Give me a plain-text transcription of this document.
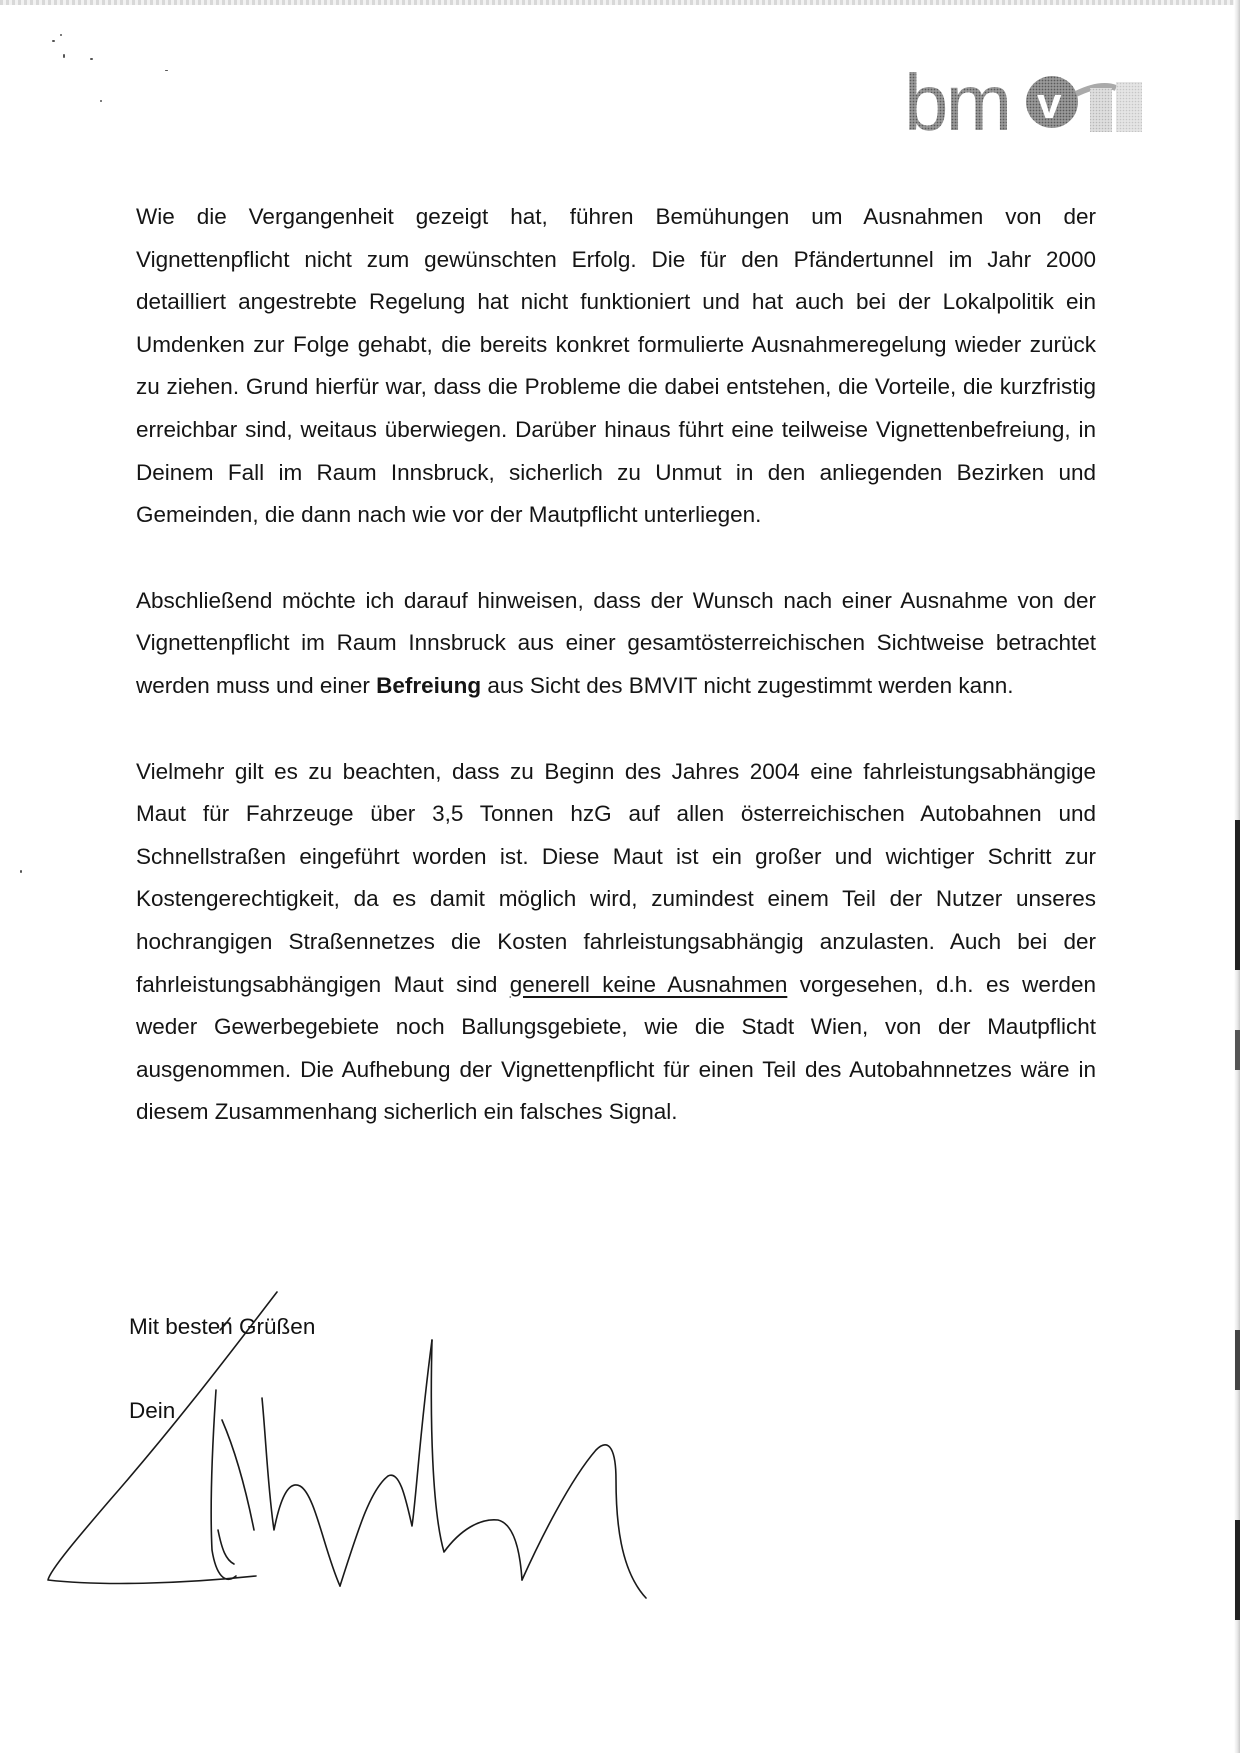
bm v

Wie die Vergangenheit gezeigt hat, führen Bemühungen um Ausnahmen von der Vignettenpflicht nicht zum gewünschten Erfolg. Die für den Pfändertunnel im Jahr 2000 detailliert angestrebte Regelung hat nicht funktioniert und hat auch bei der Lokalpolitik ein Umdenken zur Folge gehabt, die bereits konkret formulierte Ausnahmeregelung wieder zurück zu ziehen. Grund hierfür war, dass die Probleme die dabei entstehen, die Vorteile, die kurzfristig erreichbar sind, weitaus überwiegen. Darüber hinaus führt eine teilweise Vignettenbefreiung, in Deinem Fall im Raum Innsbruck, sicherlich zu Unmut in den anliegenden Bezirken und Gemeinden, die dann nach wie vor der Mautpflicht unterliegen.

Abschließend möchte ich darauf hinweisen, dass der Wunsch nach einer Ausnahme von der Vignettenpflicht im Raum Innsbruck aus einer gesamtösterreichischen Sichtweise betrachtet werden muss und einer Befreiung aus Sicht des BMVIT nicht zugestimmt werden kann.

Vielmehr gilt es zu beachten, dass zu Beginn des Jahres 2004 eine fahrleistungsabhängige Maut für Fahrzeuge über 3,5 Tonnen hzG auf allen österreichischen Autobahnen und Schnellstraßen eingeführt worden ist. Diese Maut ist ein großer und wichtiger Schritt zur Kostengerechtigkeit, da es damit möglich wird, zumindest einem Teil der Nutzer unseres hochrangigen Straßennetzes die Kosten fahrleistungsabhängig anzulasten. Auch bei der fahrleistungsabhängigen Maut sind generell keine Ausnahmen vorgesehen, d.h. es werden weder Gewerbegebiete noch Ballungsgebiete, wie die Stadt Wien, von der Mautpflicht ausgenommen. Die Aufhebung der Vignettenpflicht für einen Teil des Autobahnnetzes wäre in diesem Zusammenhang sicherlich ein falsches Signal.

Mit besten Grüßen
Dein
